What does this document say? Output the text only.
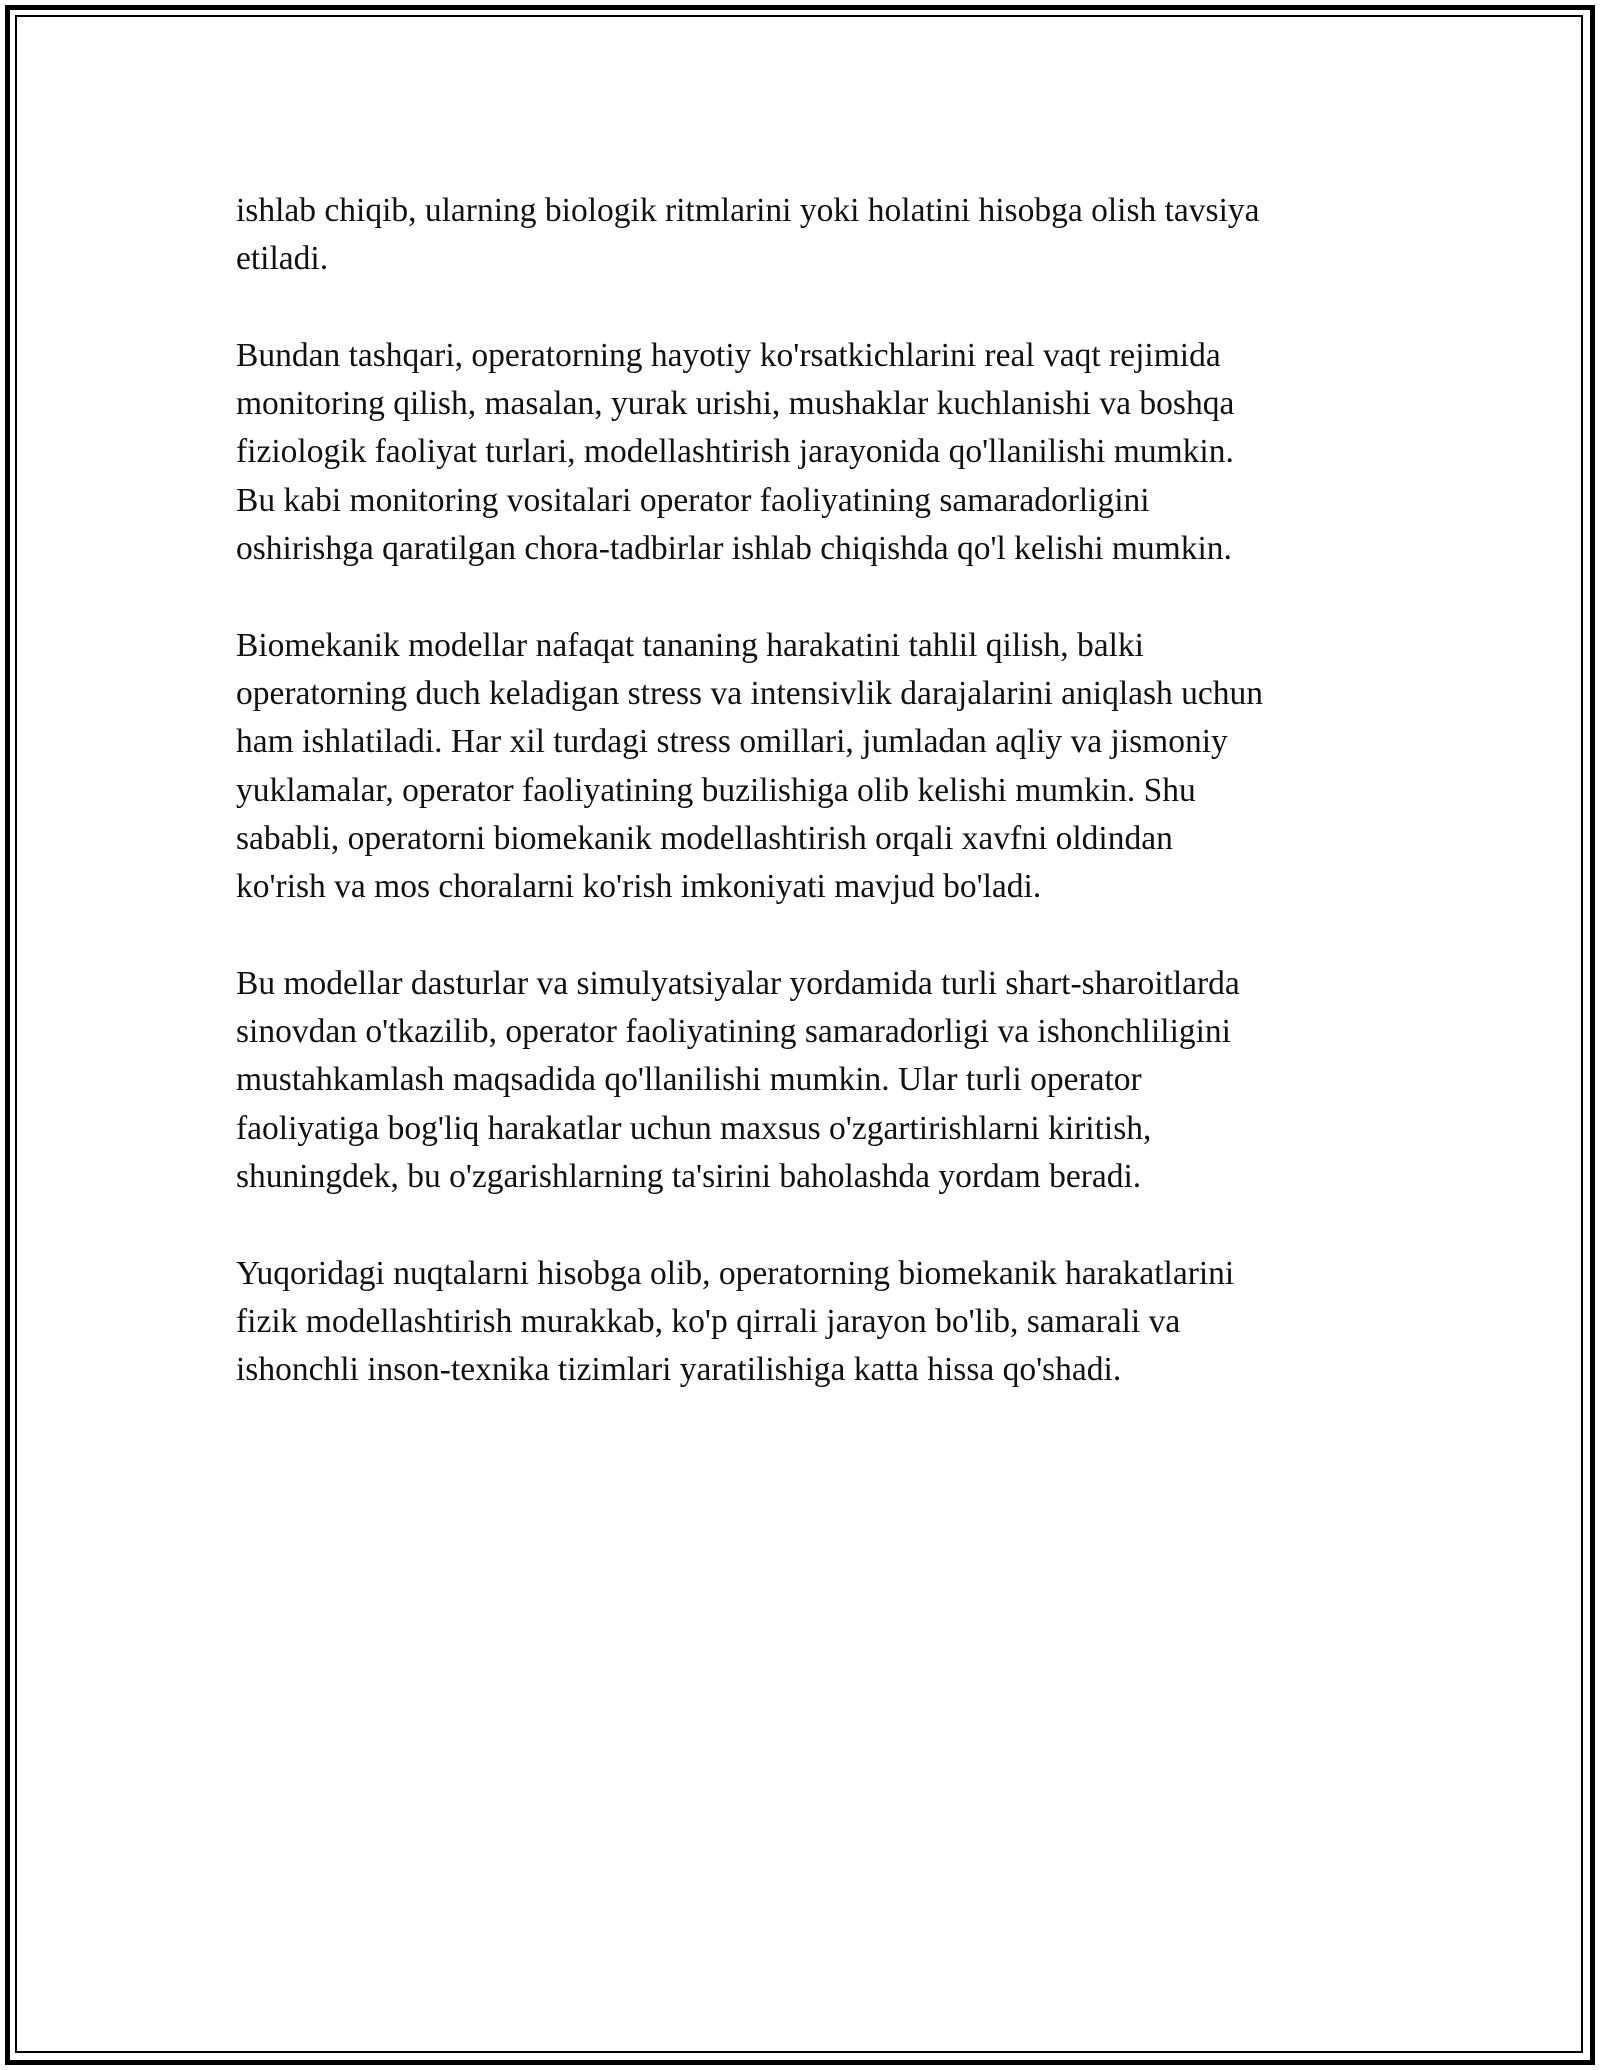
ishlab chiqib, ularning biologik ritmlarini yoki holatini hisobga olish tavsiya
etiladi.

Bundan tashqari, operatorning hayotiy ko'rsatkichlarini real vaqt rejimida
monitoring qilish, masalan, yurak urishi, mushaklar kuchlanishi va boshqa
fiziologik faoliyat turlari, modellashtirish jarayonida qo'llanilishi mumkin.
Bu kabi monitoring vositalari operator faoliyatining samaradorligini
oshirishga qaratilgan chora-tadbirlar ishlab chiqishda qo'l kelishi mumkin.

Biomekanik modellar nafaqat tananing harakatini tahlil qilish, balki
operatorning duch keladigan stress va intensivlik darajalarini aniqlash uchun
ham ishlatiladi. Har xil turdagi stress omillari, jumladan aqliy va jismoniy
yuklamalar, operator faoliyatining buzilishiga olib kelishi mumkin. Shu
sababli, operatorni biomekanik modellashtirish orqali xavfni oldindan
ko'rish va mos choralarni ko'rish imkoniyati mavjud bo'ladi.

Bu modellar dasturlar va simulyatsiyalar yordamida turli shart-sharoitlarda
sinovdan o'tkazilib, operator faoliyatining samaradorligi va ishonchliligini
mustahkamlash maqsadida qo'llanilishi mumkin. Ular turli operator
faoliyatiga bog'liq harakatlar uchun maxsus o'zgartirishlarni kiritish,
shuningdek, bu o'zgarishlarning ta'sirini baholashda yordam beradi.

Yuqoridagi nuqtalarni hisobga olib, operatorning biomekanik harakatlarini
fizik modellashtirish murakkab, ko'p qirrali jarayon bo'lib, samarali va
ishonchli inson-texnika tizimlari yaratilishiga katta hissa qo'shadi.
